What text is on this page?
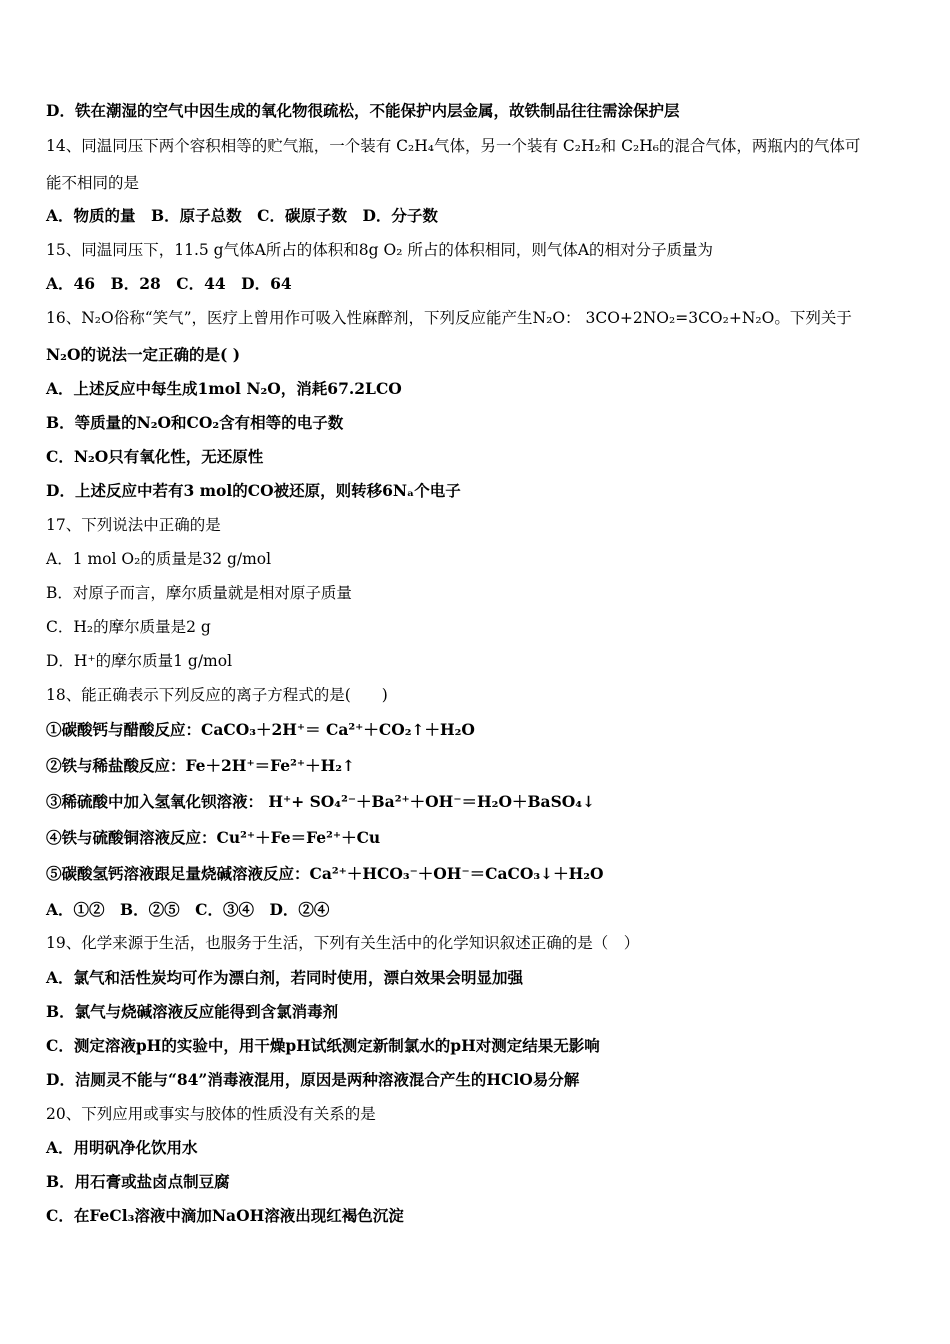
D．铁在潮湿的空气中因生成的氧化物很疏松，不能保护内层金属，故铁制品往往需涂保护层
14、同温同压下两个容积相等的贮气瓶，一个装有 C₂H₄气体，另一个装有 C₂H₂和 C₂H₆的混合气体，两瓶内的气体可
能不相同的是
A．物质的量　B．原子总数　C．碳原子数　D．分子数
15、同温同压下，11.5 g气体A所占的体积和8g O₂ 所占的体积相同，则气体A的相对分子质量为
A．46　B．28　C．44　D．64
16、N₂O俗称“笑气”，医疗上曾用作可吸入性麻醉剂，下列反应能产生N₂O： 3CO+2NO₂=3CO₂+N₂O。下列关于
N₂O的说法一定正确的是( )
A．上述反应中每生成1mol N₂O，消耗67.2LCO
B．等质量的N₂O和CO₂含有相等的电子数
C．N₂O只有氧化性，无还原性
D．上述反应中若有3 mol的CO被还原，则转移6Nₐ个电子
17、下列说法中正确的是
A．1 mol O₂的质量是32 g/mol
B．对原子而言，摩尔质量就是相对原子质量
C．H₂的摩尔质量是2 g
D．H⁺的摩尔质量1 g/mol
18、能正确表示下列反应的离子方程式的是(　　)
①碳酸钙与醋酸反应：CaCO₃＋2H⁺＝ Ca²⁺＋CO₂↑＋H₂O
②铁与稀盐酸反应：Fe＋2H⁺＝Fe²⁺＋H₂↑
③稀硫酸中加入氢氧化钡溶液： H⁺+ SO₄²⁻＋Ba²⁺＋OH⁻＝H₂O＋BaSO₄↓
④铁与硫酸铜溶液反应：Cu²⁺＋Fe＝Fe²⁺＋Cu
⑤碳酸氢钙溶液跟足量烧碱溶液反应：Ca²⁺＋HCO₃⁻＋OH⁻＝CaCO₃↓＋H₂O
A．①②　B．②⑤　C．③④　D．②④
19、化学来源于生活，也服务于生活，下列有关生活中的化学知识叙述正确的是（　）
A．氯气和活性炭均可作为漂白剂，若同时使用，漂白效果会明显加强
B．氯气与烧碱溶液反应能得到含氯消毒剂
C．测定溶液pH的实验中，用干燥pH试纸测定新制氯水的pH对测定结果无影响
D．洁厕灵不能与“84”消毒液混用，原因是两种溶液混合产生的HClO易分解
20、下列应用或事实与胶体的性质没有关系的是
A．用明矾净化饮用水
B．用石膏或盐卤点制豆腐
C．在FeCl₃溶液中滴加NaOH溶液出现红褐色沉淀
